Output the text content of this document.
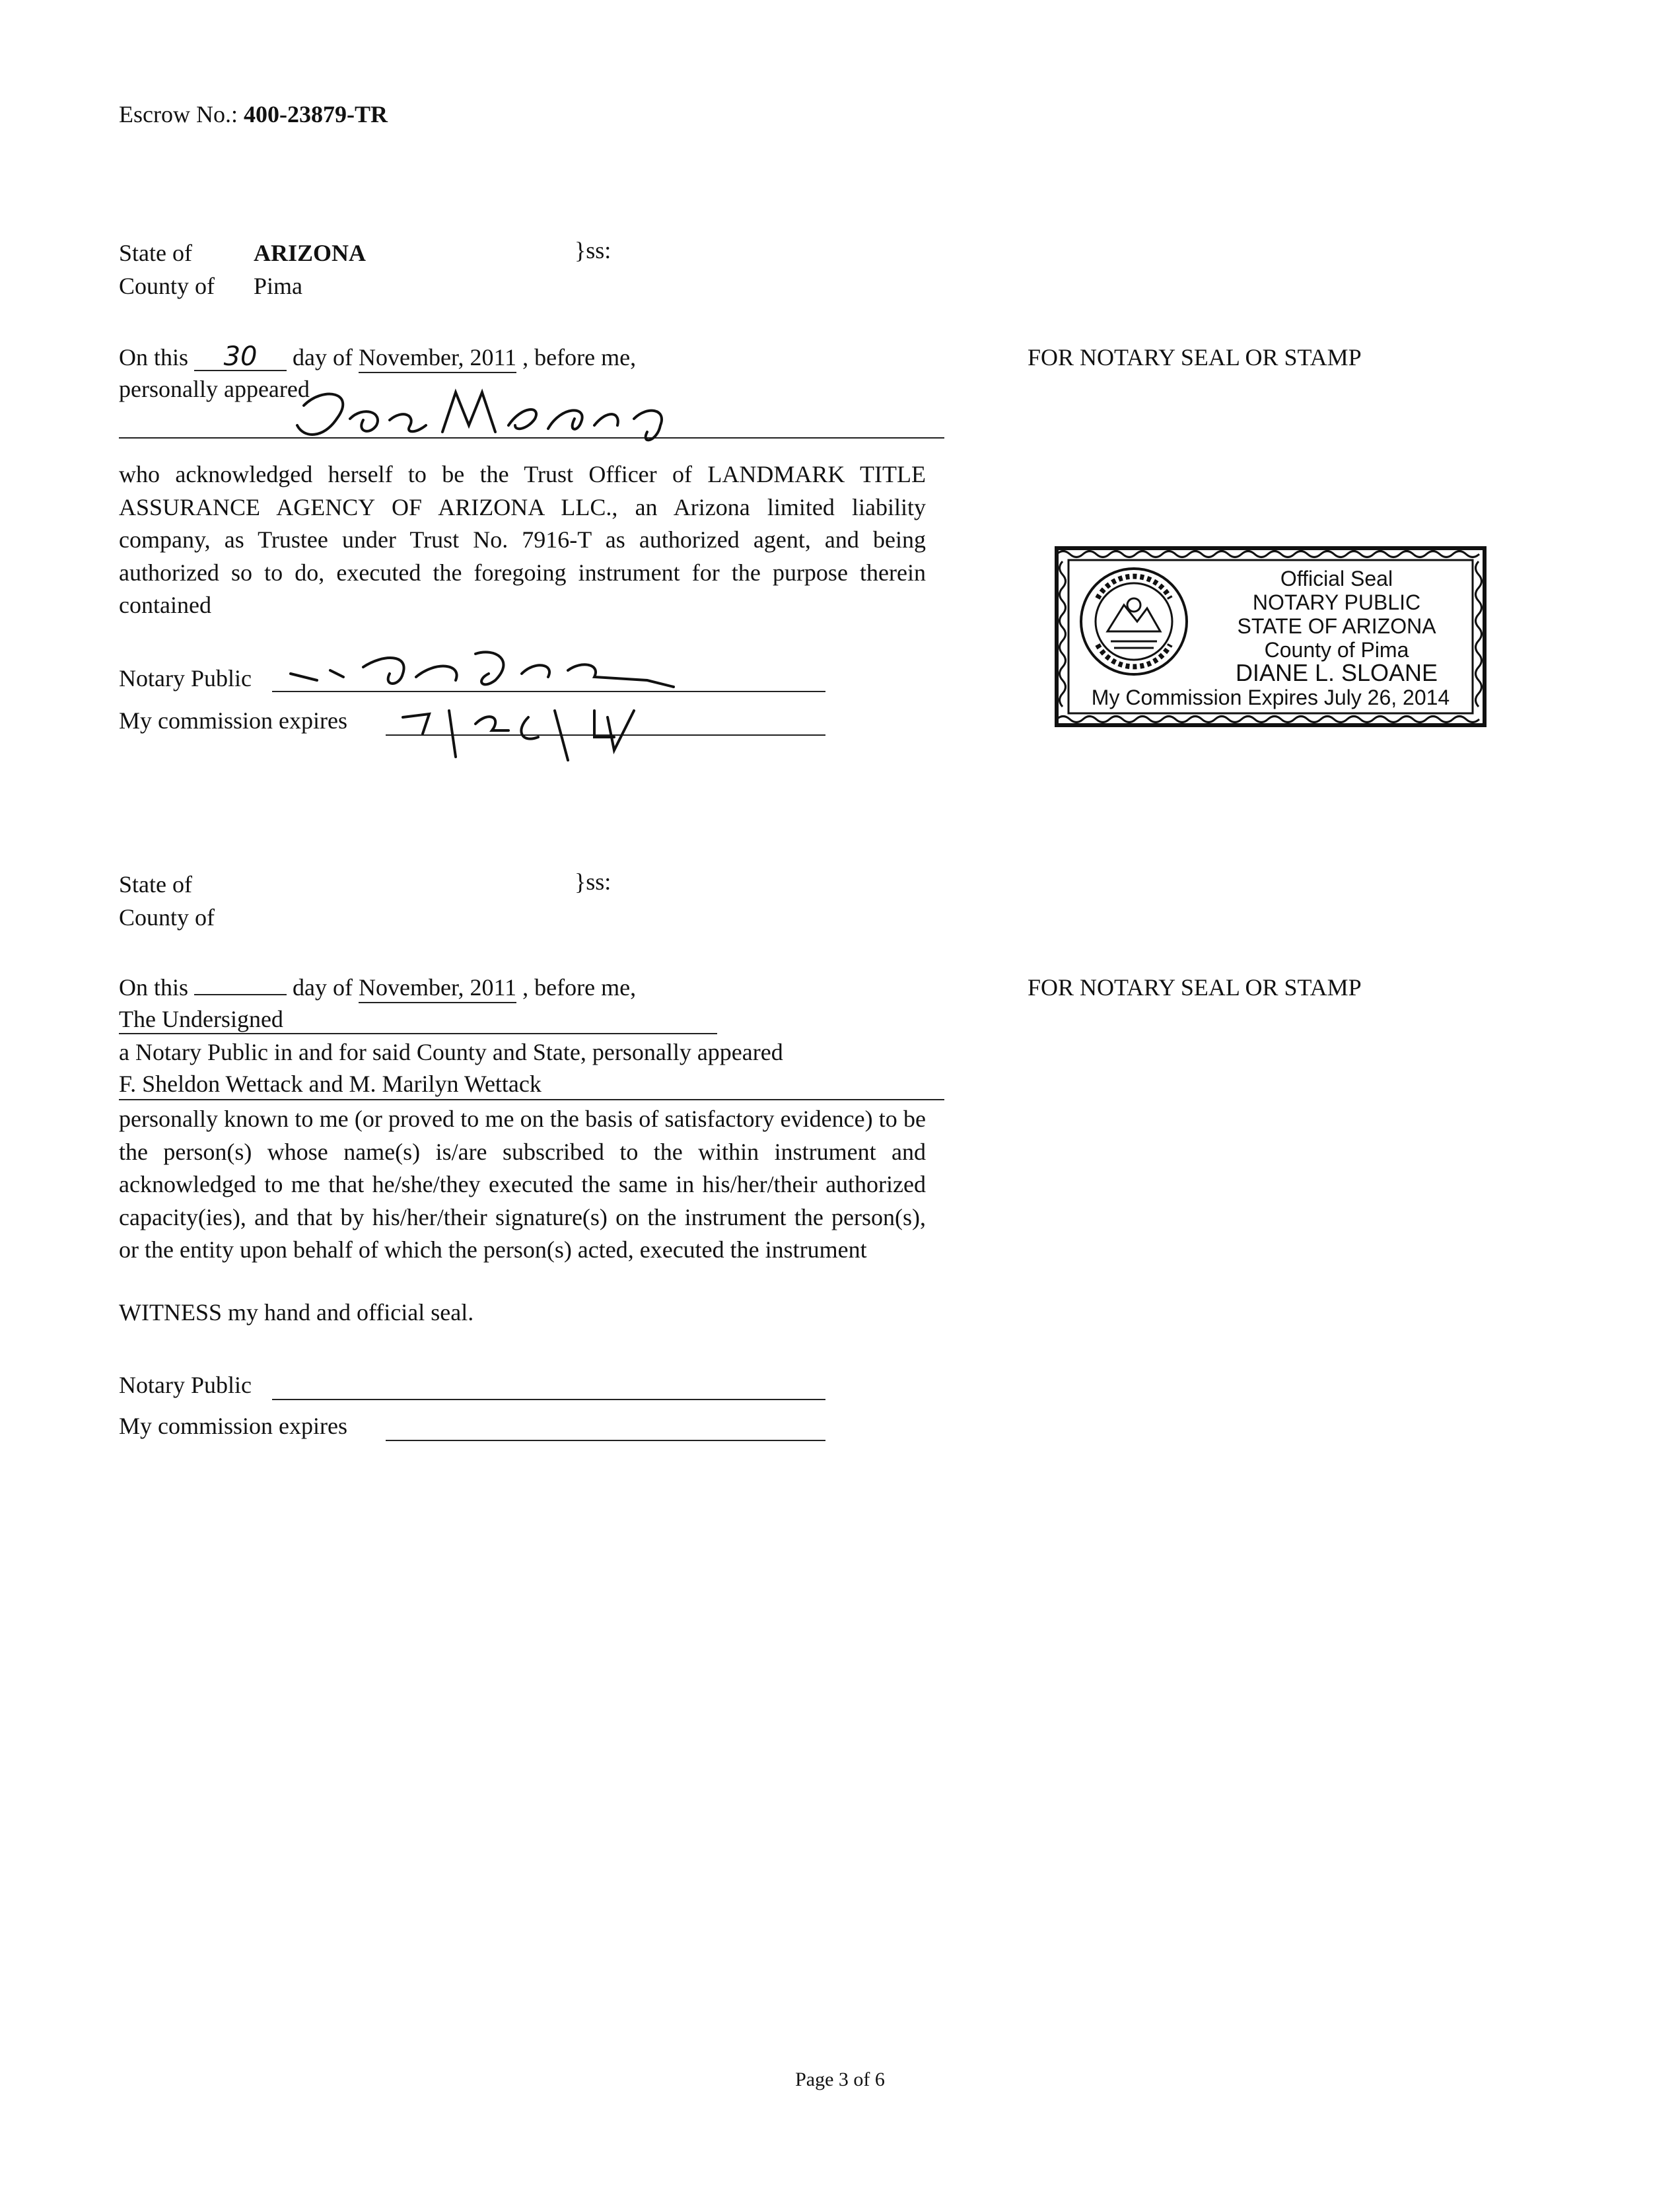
Escrow No.: 400-23879-TR
State of	ARIZONA	}ss:
County of Pima
On this 30 day of November, 2011 , before me,	FOR NOTARY SEAL OR STAMP
personally appeared
who acknowledged herself to be the Trust Officer of LANDMARK TITLE ASSURANCE AGENCY OF ARIZONA LLC., an Arizona limited liability company, as Trustee under Trust No. 7916-T as authorized agent, and being authorized so to do, executed the foregoing instrument for the purpose therein contained
Notary Public
My commission expires
Official Seal
NOTARY PUBLIC
STATE OF ARIZONA
County of Pima
DIANE L. SLOANE
My Commission Expires July 26, 2014
State of	}ss:
County of
On this	day of November, 2011 , before me,	FOR NOTARY SEAL OR STAMP
The Undersigned
a Notary Public in and for said County and State, personally appeared
F. Sheldon Wettack and M. Marilyn Wettack
personally known to me (or proved to me on the basis of satisfactory evidence) to be the person(s) whose name(s) is/are subscribed to the within instrument and acknowledged to me that he/she/they executed the same in his/her/their authorized capacity(ies), and that by his/her/their signature(s) on the instrument the person(s), or the entity upon behalf of which the person(s) acted, executed the instrument
WITNESS my hand and official seal.
Notary Public
My commission expires
Page 3 of 6
